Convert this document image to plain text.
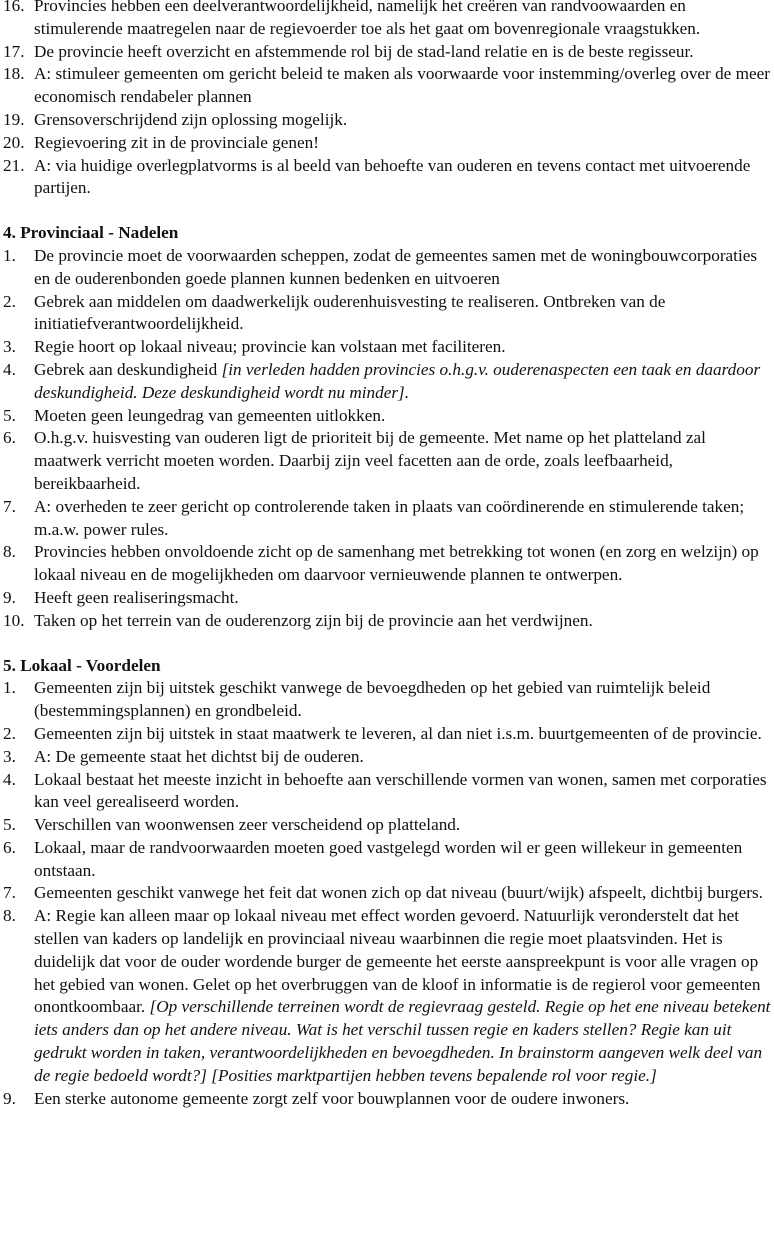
16. Provincies hebben een deelverantwoordelijkheid, namelijk het creëren van randvoowaarden en stimulerende maatregelen naar de regievoerder toe als het gaat om bovenregionale vraagstukken.
17. De provincie heeft overzicht en afstemmende rol bij de stad-land relatie en is de beste regisseur.
18. A: stimuleer gemeenten om gericht beleid te maken als voorwaarde voor instemming/overleg over de meer economisch rendabeler plannen
19. Grensoverschrijdend zijn oplossing mogelijk.
20. Regievoering zit in de provinciale genen!
21. A: via huidige overlegplatvorms is al beeld van behoefte van ouderen en tevens contact met uitvoerende partijen.
4. Provinciaal - Nadelen
1. De provincie moet de voorwaarden scheppen, zodat de gemeentes samen met de woningbouwcorporaties en de ouderenbonden goede plannen kunnen bedenken en uitvoeren
2. Gebrek aan middelen om daadwerkelijk ouderenhuisvesting te realiseren. Ontbreken van de initiatiefverantwoordelijkheid.
3. Regie hoort op lokaal niveau; provincie kan volstaan met faciliteren.
4. Gebrek aan deskundigheid [in verleden hadden provincies o.h.g.v. ouderenaspecten een taak en daardoor deskundigheid. Deze deskundigheid wordt nu minder].
5. Moeten geen leungedrag van gemeenten uitlokken.
6. O.h.g.v. huisvesting van ouderen ligt de prioriteit bij de gemeente. Met name op het platteland zal maatwerk verricht moeten worden. Daarbij zijn veel facetten aan de orde, zoals leefbaarheid, bereikbaarheid.
7. A: overheden te zeer gericht op controlerende taken in plaats van coördinerende en stimulerende taken; m.a.w. power rules.
8. Provincies hebben onvoldoende zicht op de samenhang met betrekking tot wonen (en zorg en welzijn) op lokaal niveau en de mogelijkheden om daarvoor vernieuwende plannen te ontwerpen.
9. Heeft geen realiseringsmacht.
10. Taken op het terrein van de ouderenzorg zijn bij de provincie aan het verdwijnen.
5. Lokaal - Voordelen
1. Gemeenten zijn bij uitstek geschikt vanwege de bevoegdheden op het gebied van ruimtelijk beleid (bestemmingsplannen) en grondbeleid.
2. Gemeenten zijn bij uitstek in staat maatwerk te leveren, al dan niet i.s.m. buurtgemeenten of de provincie.
3. A: De gemeente staat het dichtst bij de ouderen.
4. Lokaal bestaat het meeste inzicht in behoefte aan verschillende vormen van wonen, samen met corporaties kan veel gerealiseerd worden.
5. Verschillen van woonwensen zeer verscheidend op platteland.
6. Lokaal, maar de randvoorwaarden moeten goed vastgelegd worden wil er geen willekeur in gemeenten ontstaan.
7. Gemeenten geschikt vanwege het feit dat wonen zich op dat niveau (buurt/wijk) afspeelt, dichtbij burgers.
8. A: Regie kan alleen maar op lokaal niveau met effect worden gevoerd. Natuurlijk veronderstelt dat het stellen van kaders op landelijk en provinciaal niveau waarbinnen die regie moet plaatsvinden. Het is duidelijk dat voor de ouder wordende burger de gemeente het eerste aanspreekpunt is voor alle vragen op het gebied van wonen. Gelet op het overbruggen van de kloof in informatie is de regierol voor gemeenten onontkoombaar. [Op verschillende terreinen wordt de regievraag gesteld. Regie op het ene niveau betekent iets anders dan op het andere niveau. Wat is het verschil tussen regie en kaders stellen? Regie kan uit gedrukt worden in taken, verantwoordelijkheden en bevoegdheden. In brainstorm aangeven welk deel van de regie bedoeld wordt?] [Posities marktpartijen hebben tevens bepalende rol voor regie.]
9. Een sterke autonome gemeente zorgt zelf voor bouwplannen voor de oudere inwoners.
